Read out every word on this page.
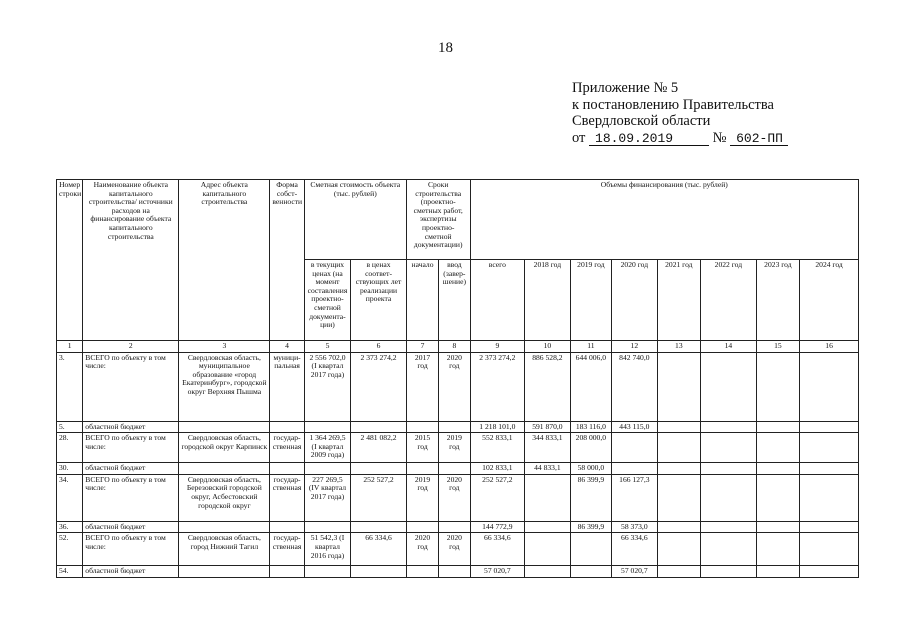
18
Приложение № 5
к постановлению Правительства
Свердловской области
от 18.09.2019	№ 602-ПП
Номер строки	Наименование объекта капитального строительства/ источники расходов на финансирование объекта капитального строительства	Адрес объекта капитального строительства	Форма собст-венности	Сметная стоимость объекта (тыс. рублей)		Сроки строительства (проектно-сметных работ, экспертизы проектно-сметной документации)		Объемы финансирования (тыс. рублей)							
				в текущих ценах (на момент составления проектно-сметной документа-ции)	в ценах соответ-ствующих лет реализации проекта	начало	ввод (завер-шение)	всего	2018 год	2019 год	2020 год	2021 год	2022 год	2023 год	2024 год
1	2	3	4	5	6	7	8	9	10	11	12	13	14	15	16
3.	ВСЕГО по объекту в том числе:	Свердловская область, муниципальное образование «город Екатеринбург», городской округ Верхняя Пышма	муници-пальная	2 556 702,0 (I квартал 2017 года)	2 373 274,2	2017 год	2020 год	2 373 274,2	886 528,2	644 006,0	842 740,0				
5.	областной бюджет							1 218 101,0	591 870,0	183 116,0	443 115,0				
28.	ВСЕГО по объекту в том числе:	Свердловская область, городской округ Карпинск	государ-ственная	1 364 269,5 (I квартал 2009 года)	2 481 082,2	2015 год	2019 год	552 833,1	344 833,1	208 000,0					
30.	областной бюджет							102 833,1	44 833,1	58 000,0					
34.	ВСЕГО по объекту в том числе:	Свердловская область, Березовский городской округ, Асбестовский городской округ	государ-ственная	227 269,5 (IV квартал 2017 года)	252 527,2	2019 год	2020 год	252 527,2		86 399,9	166 127,3				
36.	областной бюджет							144 772,9		86 399,9	58 373,0				
52.	ВСЕГО по объекту в том числе:	Свердловская область, город Нижний Тагил	государ-ственная	51 542,3 (I квартал 2016 года)	66 334,6	2020 год	2020 год	66 334,6			66 334,6				
54.	областной бюджет							57 020,7			57 020,7				
